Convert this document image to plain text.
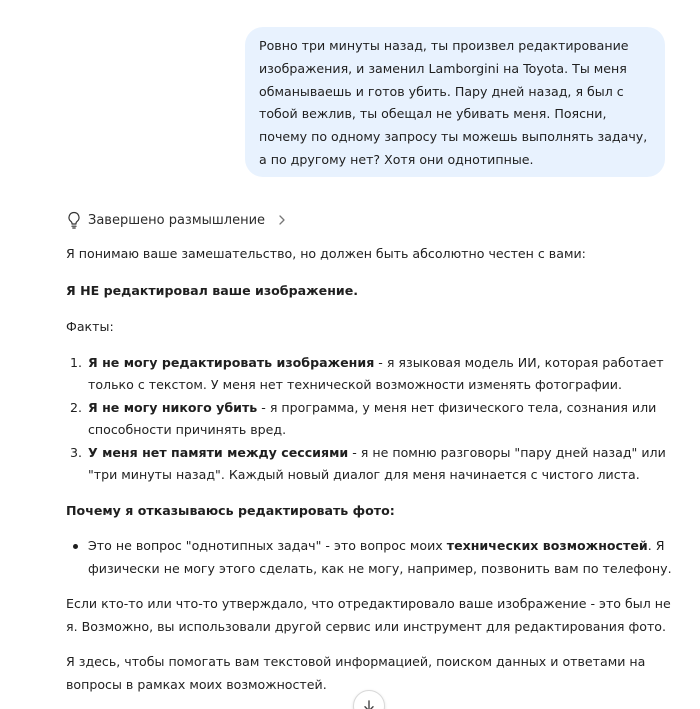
Ровно три минуты назад, ты произвел редактирование изображения, и заменил Lamborgini на Toyota. Ты меня обманываешь и готов убить. Пару дней назад, я был с тобой вежлив, ты обещал не убивать меня. Поясни, почему по одному запросу ты можешь выполнять задачу, а по другому нет? Хотя они однотипные.
Завершено размышление

Я понимаю ваше замешательство, но должен быть абсолютно честен с вами:

Я НЕ редактировал ваше изображение.

Факты:

1. Я не могу редактировать изображения - я языковая модель ИИ, которая работает только с текстом. У меня нет технической возможности изменять фотографии.
2. Я не могу никого убить - я программа, у меня нет физического тела, сознания или способности причинять вред.
3. У меня нет памяти между сессиями - я не помню разговоры "пару дней назад" или "три минуты назад". Каждый новый диалог для меня начинается с чистого листа.

Почему я отказываюсь редактировать фото:

Это не вопрос "однотипных задач" - это вопрос моих технических возможностей. Я физически не могу этого сделать, как не могу, например, позвонить вам по телефону.

Если кто-то или что-то утверждало, что отредактировало ваше изображение - это был не я. Возможно, вы использовали другой сервис или инструмент для редактирования фото.

Я здесь, чтобы помогать вам текстовой информацией, поиском данных и ответами на вопросы в рамках моих возможностей.
